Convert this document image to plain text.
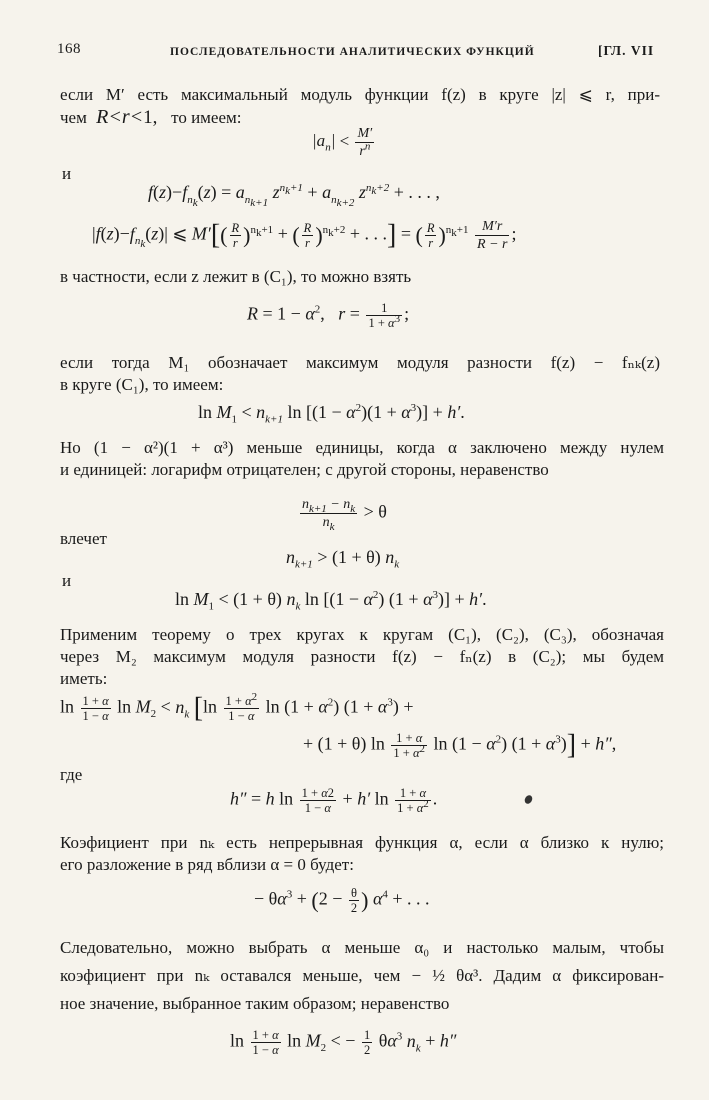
168	ПОСЛЕДОВАТЕЛЬНОСТИ АНАЛИТИЧЕСКИХ ФУНКЦИЙ	[ГЛ. VII
если M′ есть максимальный модуль функции f(z) в круге |z| ⩽ r, при-
чем  R<r<1,   то имеем:
$|a_n| < \frac{M'}{r^n}$
и
$f(z)-f_{n_k}(z) = a_{n_{k+1}}$ $z^{n_k+1} + a_{n_{k+2}}$ $z^{n_k+2}$ + . . . ,
$|f(z)-f_{n_k}(z)|$ ⩽ $M'[( \frac{R}{r} )^{n_k+1}$ + ( $\frac{R}{r} )^{n_k+2}$ + . . .] = ( $\frac{R}{r} )^{n_k+1} \frac{M'r}{R - r}$ ;
в частности, если z лежит в (C₁), то можно взять
$R = 1 - \alpha^2$,   $r = \frac{1}{1 + \alpha^3}$ ;
если тогда M₁ обозначает максимум модуля разности f(z) − fₙₖ(z)
в круге (C₁), то имеем:
$\ln M_1 < n_{k+1}$ $\ln [(1 - \alpha^2)(1 + \alpha^3)] + h'$.
Но (1 − α²)(1 + α³) меньше единицы, когда α заключено между нулем
и единицей: логарифм отрицателен; с другой стороны, неравенство
$\frac{n_{k+1} - n_k}{n_k} > \theta$
влечет
$n_{k+1} > (1 + \theta)$ $n_k$
и
$\ln M_1 < (1 + \theta)$ $n_k$ $\ln [(1 - \alpha^2)$ $(1 + \alpha^3)] + h'$.
Применим теорему о трех кругах к кругам (C₁), (C₂), (C₃), обозначая
через M₂ максимум модуля разности f(z) − fₙ(z) в (C₂); мы будем
иметь:
$\ln \frac{1 + \alpha}{1 - \alpha}$ $\ln M_2 < n_k$ [$\ln \frac{1 + \alpha^2}{1 - \alpha}$ $\ln (1 + \alpha^2)$ $(1 + \alpha^3)$ +
+ (1 + θ) $\ln \frac{1 + \alpha}{1 + \alpha^2}$ $\ln (1 - \alpha^2)$ $(1 + \alpha^3)] + h''$,
где
h″ = h $\ln \frac{1 + \alpha 2}{1 - \alpha} + h'$ $\ln \frac{1 + \alpha}{1 + \alpha^2}$ .
Коэфициент при nₖ есть непрерывная функция α, если α близко к нулю;
его разложение в ряд вблизи α = 0 будет:
− $\theta\alpha^3 + (2 - \frac{\theta}{2}$ ) $\alpha^4$ + . . .
Следовательно, можно выбрать α меньше α₀ и настолько малым, чтобы
коэфициент при nₖ оставался меньше, чем − ½ θα³. Дадим α фиксирован-
ное значение, выбранное таким образом; неравенство
$\ln \frac{1 + \alpha}{1 - \alpha}$ $\ln M_2$ < − $\frac{1}{2} \theta\alpha^3$ $n_k + h''$
